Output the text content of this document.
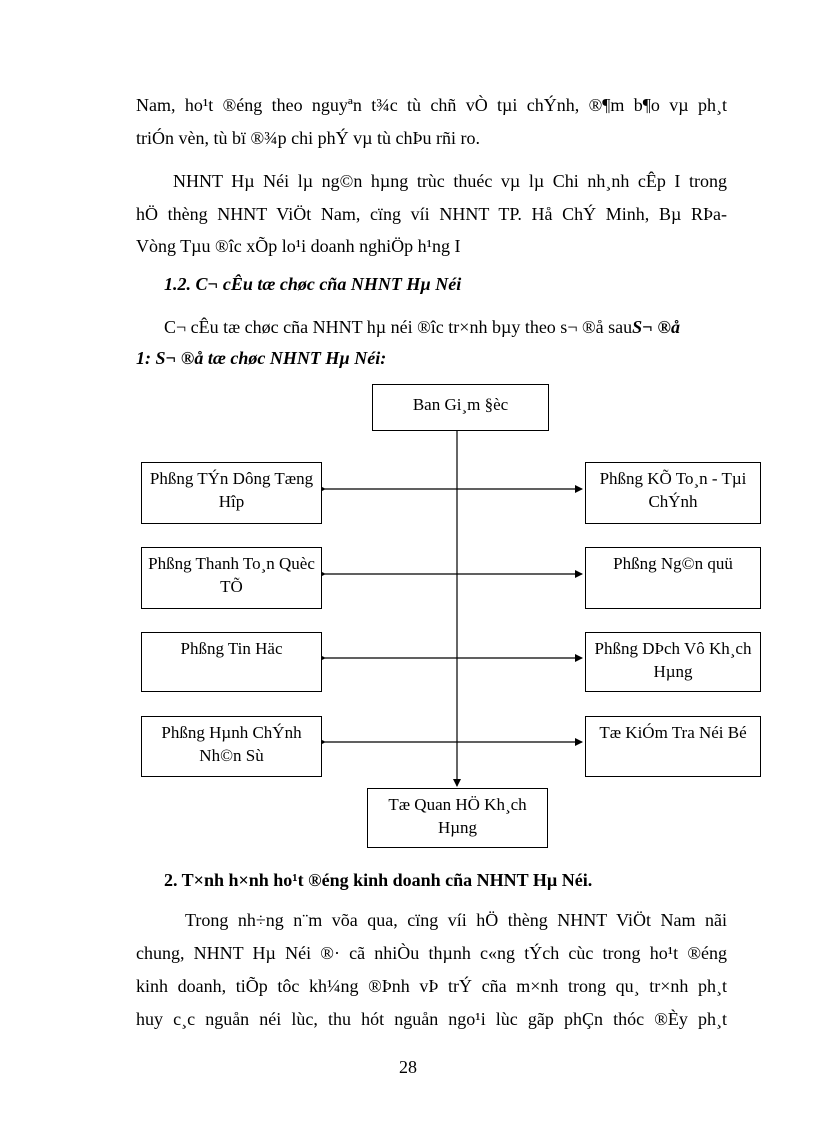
Nam, ho¹t ®éng theo nguyªn t¾c tù chñ vÒ tµi chÝnh, ®¶m b¶o vµ ph¸t
triÓn vèn, tù bï ®¾p chi phÝ vµ tù chÞu rñi ro.
NHNT Hµ Néi lµ ng©n hµng trùc thuéc vµ lµ Chi nh¸nh cÊp I trong
hÖ thèng NHNT ViÖt Nam, cïng víi NHNT TP. Hå ChÝ Minh, Bµ RÞa-
Vòng Tµu ®îc xÕp lo¹i doanh nghiÖp h¹ng I
1.2. C¬ cÊu tæ chøc cña NHNT Hµ Néi
C¬ cÊu tæ chøc cña NHNT hµ néi ®îc tr×nh bµy theo s¬ ®å sauS¬ ®å
1: S¬ ®å tæ chøc NHNT Hµ Néi:
Ban Gi¸m §èc
Phßng TÝn Dông Tæng Hîp
Phßng Thanh To¸n Quèc TÕ
Phßng Tin Häc
Phßng Hµnh ChÝnh Nh©n Sù
Phßng KÕ To¸n - Tµi ChÝnh
Phßng Ng©n quü
Phßng DÞch Vô Kh¸ch Hµng
Tæ KiÓm Tra Néi Bé
Tæ Quan HÖ Kh¸ch Hµng
2. T×nh h×nh ho¹t ®éng kinh doanh cña NHNT Hµ Néi.
Trong nh÷ng n¨m võa qua, cïng víi hÖ thèng NHNT ViÖt Nam nãi
chung, NHNT Hµ Néi ®· cã nhiÒu thµnh c«ng tÝch cùc trong ho¹t ®éng
kinh doanh, tiÕp tôc kh¼ng ®Þnh vÞ trÝ cña m×nh trong qu¸ tr×nh ph¸t
huy c¸c nguån néi lùc, thu hót nguån ngo¹i lùc gãp phÇn thóc ®Èy ph¸t
28
